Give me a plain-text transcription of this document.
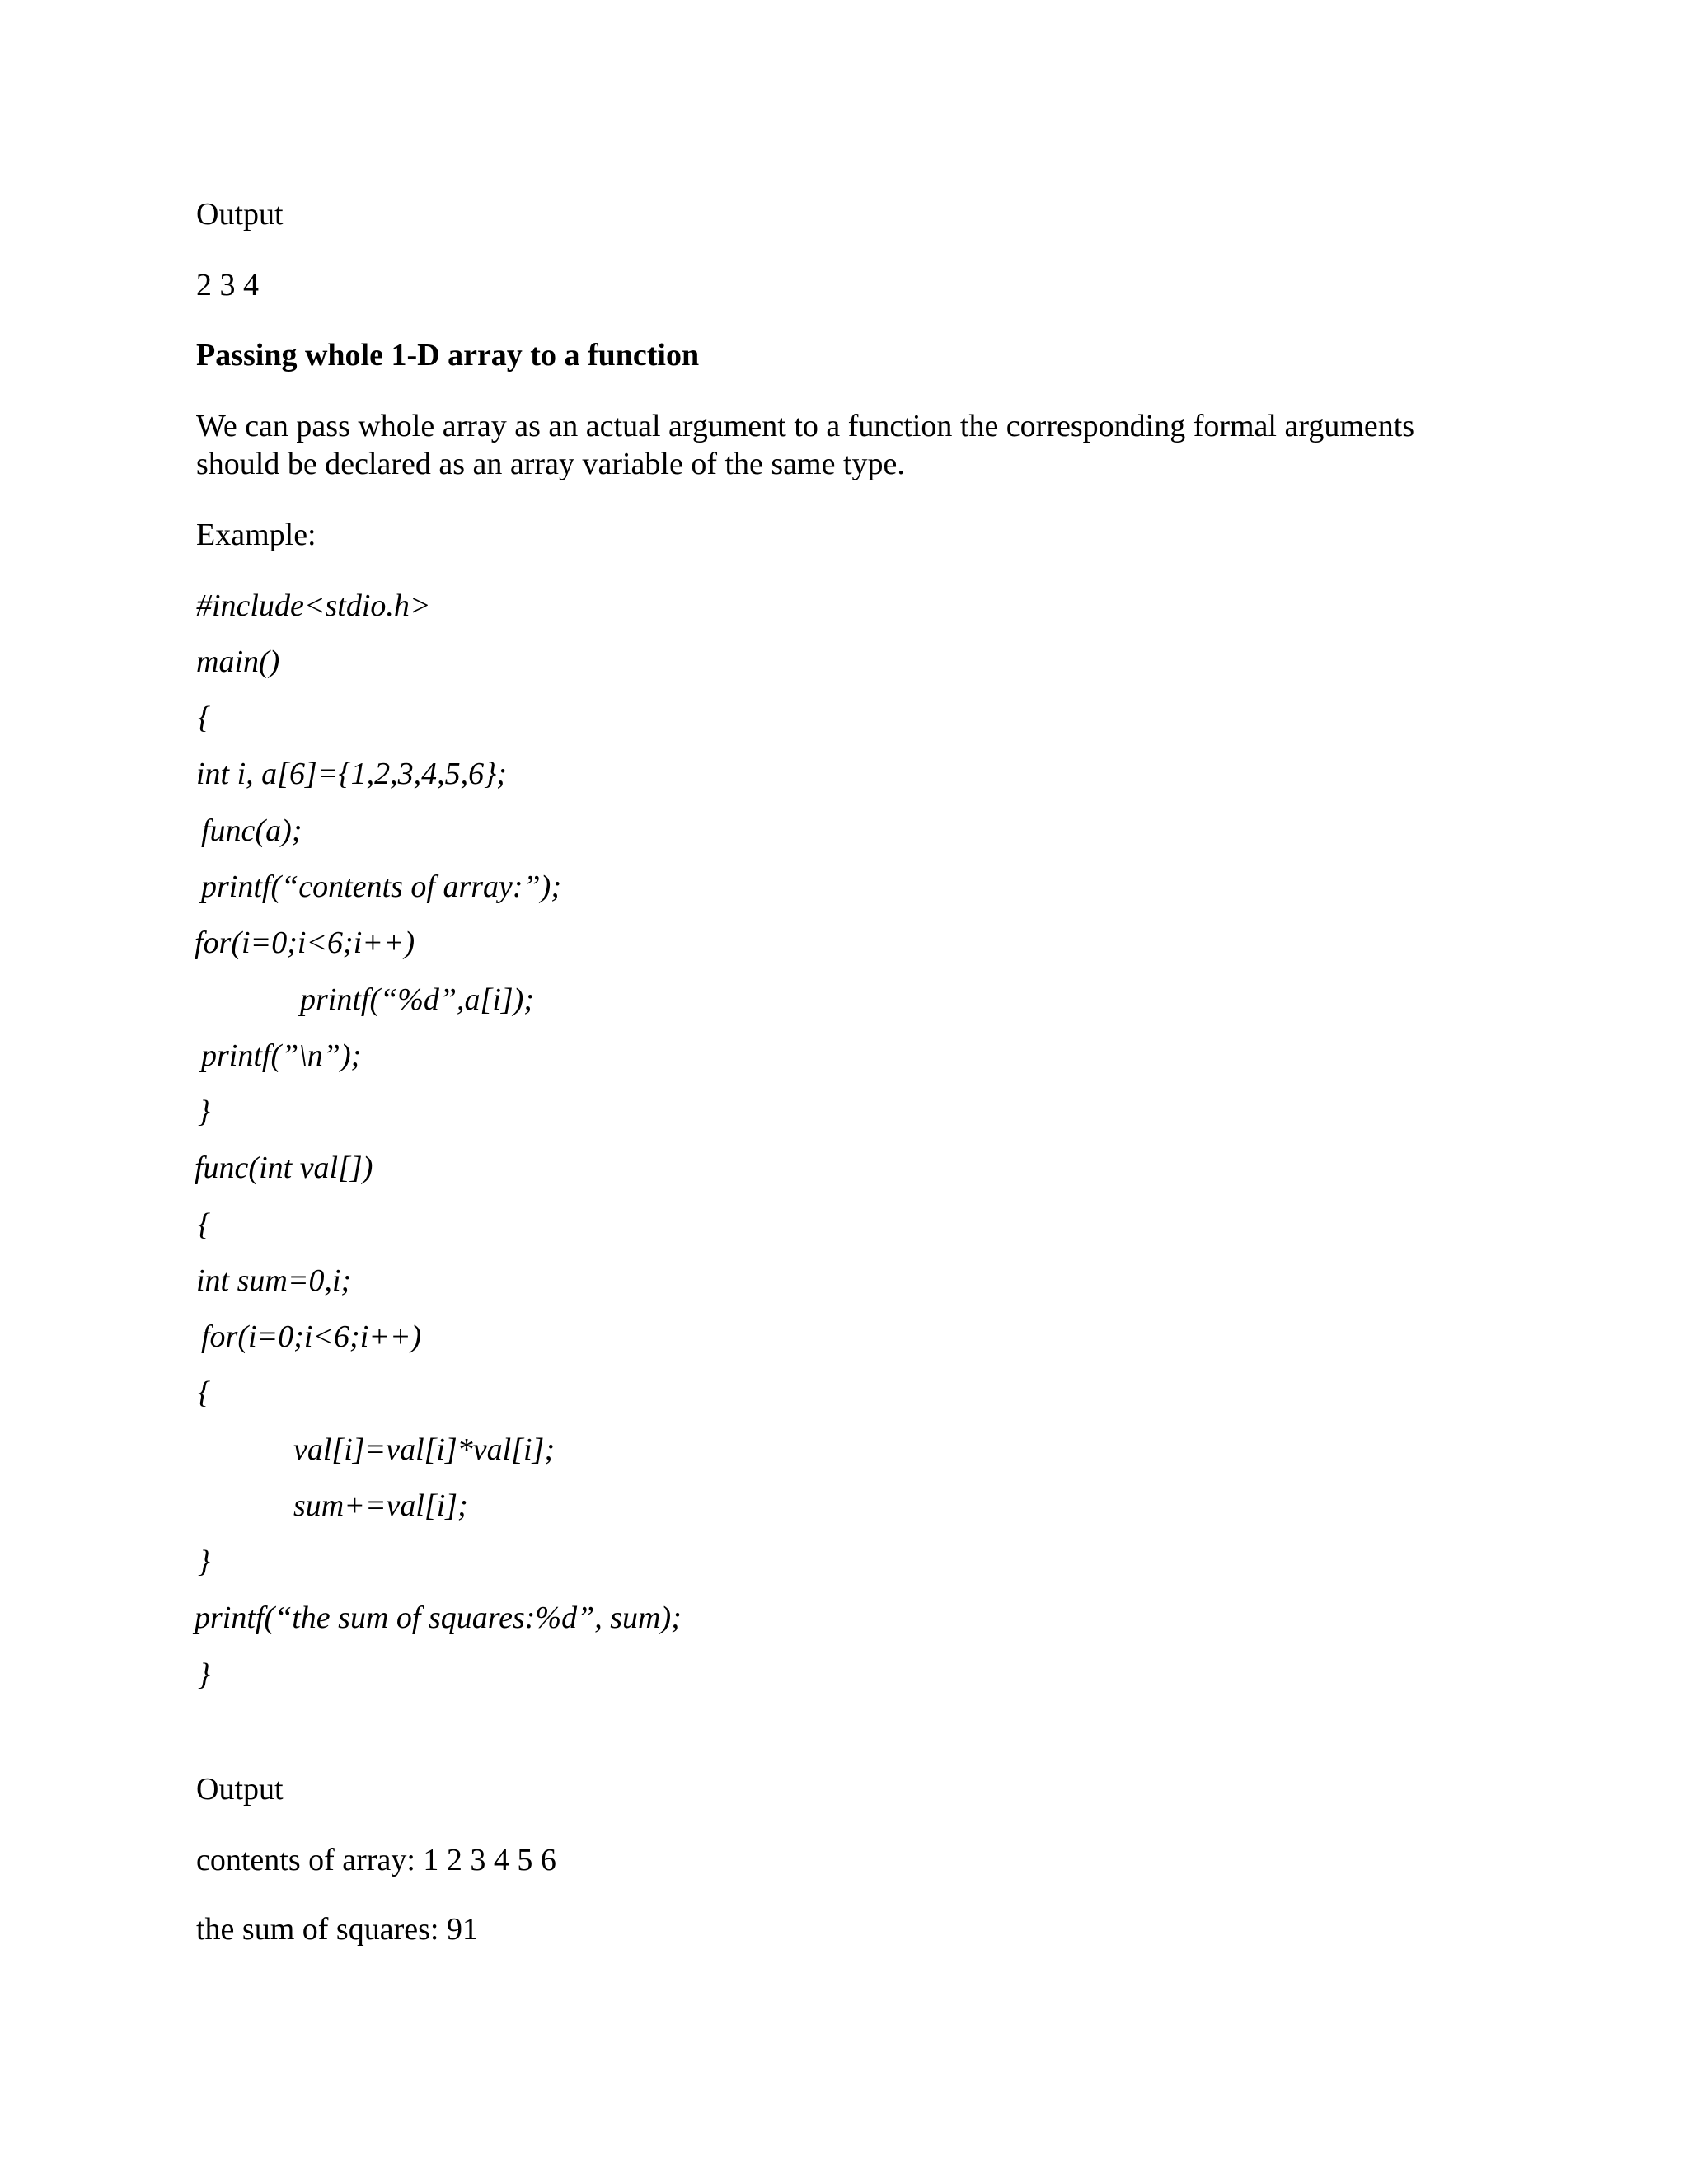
Output
2 3 4
Passing whole 1-D array to a function
We can pass whole array as an actual argument to a function the corresponding formal arguments
should be declared as an array variable of the same type.
Example:
#include<stdio.h>
main()
{
int i, a[6]={1,2,3,4,5,6};
func(a);
printf(“contents of array:”);
for(i=0;i<6;i++)
printf(“%d”,a[i]);
printf(”\n”);
}
func(int val[])
{
int sum=0,i;
for(i=0;i<6;i++)
{
val[i]=val[i]*val[i];
sum+=val[i];
}
printf(“the sum of squares:%d”, sum);
}
Output
contents of array: 1 2 3 4 5 6
the sum of squares: 91
